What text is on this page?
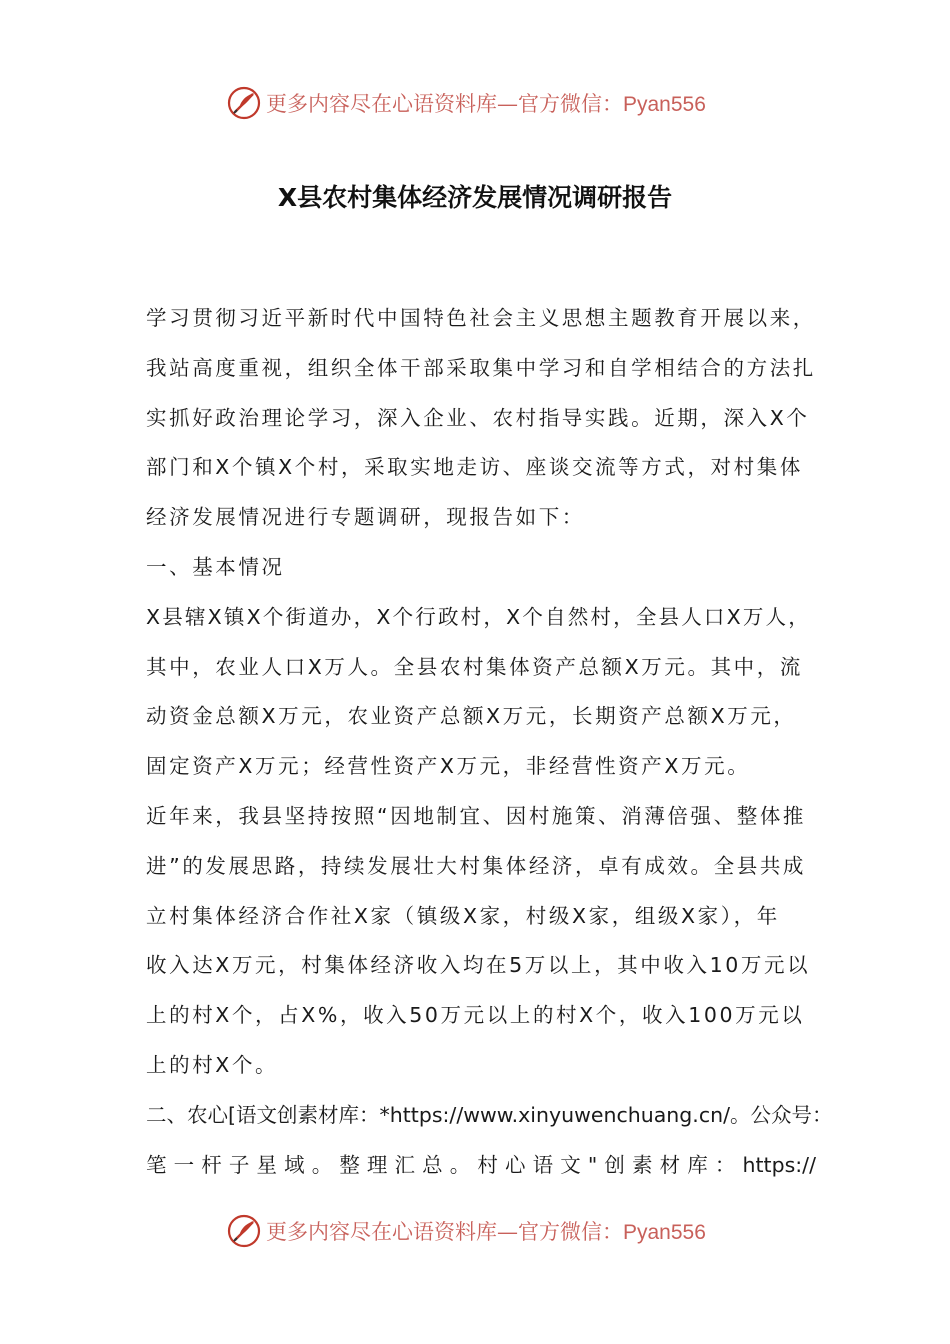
更多内容尽在心语资料库—官方微信：Pyan556
X县农村集体经济发展情况调研报告
学习贯彻习近平新时代中国特色社会主义思想主题教育开展以来，
我站高度重视，组织全体干部采取集中学习和自学相结合的方法扎
实抓好政治理论学习，深入企业、农村指导实践。近期，深入X个
部门和X个镇X个村，采取实地走访、座谈交流等方式，对村集体
经济发展情况进行专题调研，现报告如下：
一、基本情况
X县辖X镇X个街道办，X个行政村，X个自然村，全县人口X万人，
其中，农业人口X万人。全县农村集体资产总额X万元。其中，流
动资金总额X万元，农业资产总额X万元，长期资产总额X万元，
固定资产X万元；经营性资产X万元，非经营性资产X万元。
近年来，我县坚持按照“因地制宜、因村施策、消薄倍强、整体推
进”的发展思路，持续发展壮大村集体经济，卓有成效。全县共成
立村集体经济合作社X家（镇级X家，村级X家，组级X家），年
收入达X万元，村集体经济收入均在5万以上，其中收入10万元以
上的村X个，占X%，收入50万元以上的村X个，收入100万元以
上的村X个。
二、农心[语文创素材库：*https://www.xinyuwenchuang.cn/。公众号：
笔一杆子星域。整理汇总。村心语文"创素材库：https://
更多内容尽在心语资料库—官方微信：Pyan556
